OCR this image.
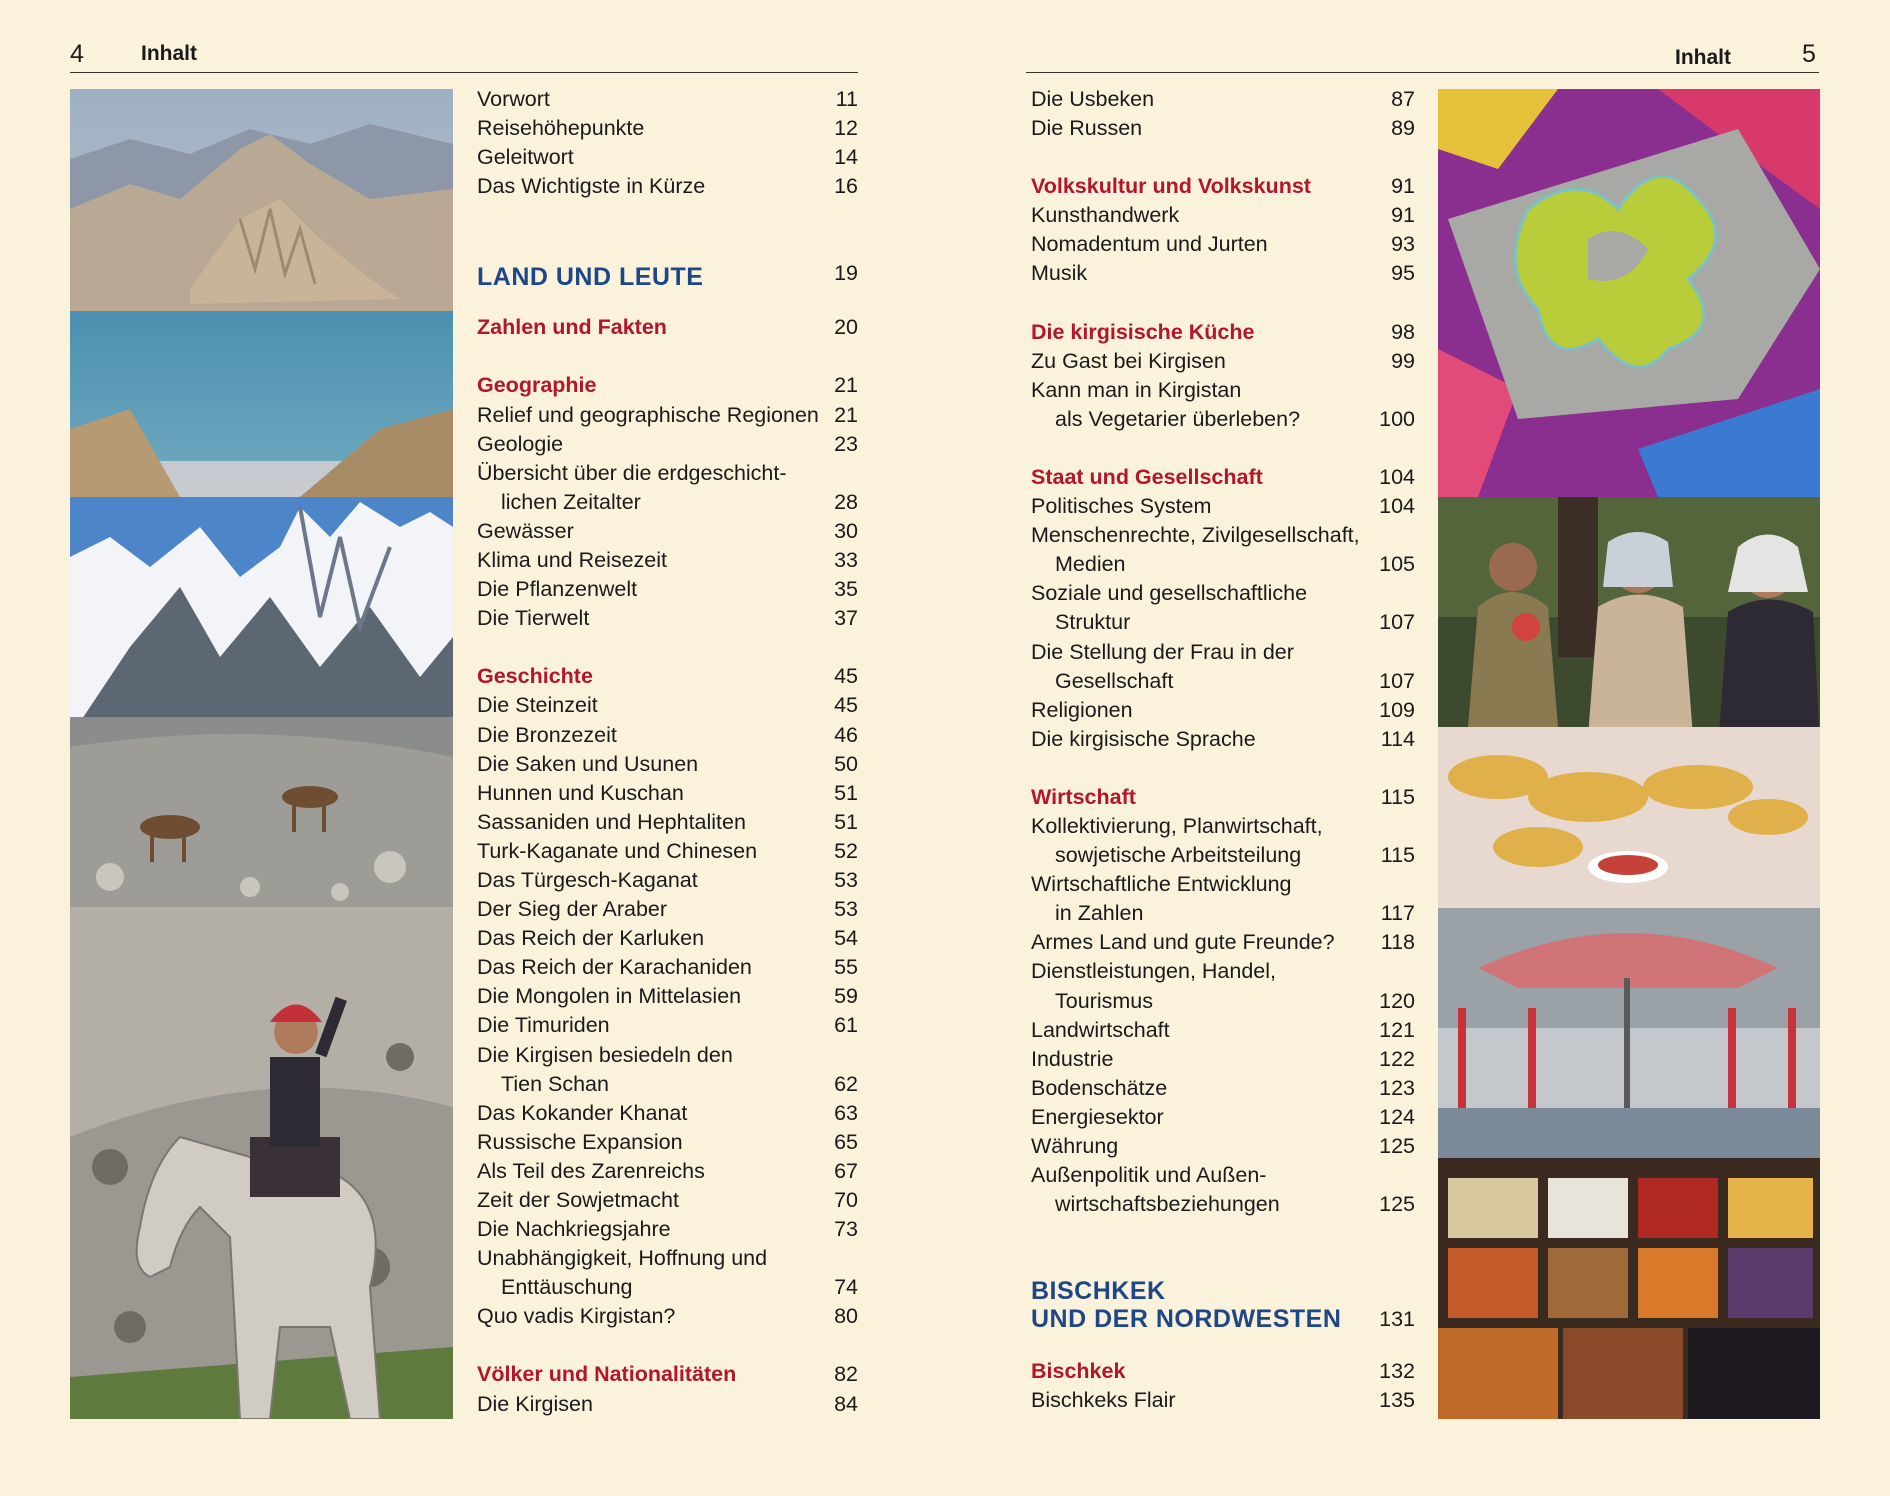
4	Inhalt
Vorwort	11
Reisehöhepunkte	12
Geleitwort	14
Das Wichtigste in Kürze	16
LAND UND LEUTE	19
Zahlen und Fakten	20
Geographie	21
Relief und geographische Regionen 21
Geologie	23
Übersicht über die erdgeschicht-
lichen Zeitalter	28
Gewässer	30
Klima und Reisezeit	33
Die Pflanzenwelt	35
Die Tierwelt	37
Geschichte	45
Die Steinzeit	45
Die Bronzezeit	46
Die Saken und Usunen	50
Hunnen und Kuschan	51
Sassaniden und Hephtaliten	51
Turk-Kaganate und Chinesen	52
Das Türgesch-Kaganat	53
Der Sieg der Araber	53
Das Reich der Karluken	54
Das Reich der Karachaniden	55
Die Mongolen in Mittelasien	59
Die Timuriden	61
Die Kirgisen besiedeln den
Tien Schan	62
Das Kokander Khanat	63
Russische Expansion	65
Als Teil des Zarenreichs	67
Zeit der Sowjetmacht	70
Die Nachkriegsjahre	73
Unabhängigkeit, Hoffnung und
Enttäuschung	74
Quo vadis Kirgistan?	80
Völker und Nationalitäten	82
Die Kirgisen	84
Inhalt	5
Die Usbeken	87
Die Russen	89
Volkskultur und Volkskunst	91
Kunsthandwerk	91
Nomadentum und Jurten	93
Musik	95
Die kirgisische Küche	98
Zu Gast bei Kirgisen	99
Kann man in Kirgistan
als Vegetarier überleben?	100
Staat und Gesellschaft	104
Politisches System	104
Menschenrechte, Zivilgesellschaft,
Medien	105
Soziale und gesellschaftliche
Struktur	107
Die Stellung der Frau in der
Gesellschaft	107
Religionen	109
Die kirgisische Sprache	114
Wirtschaft	115
Kollektivierung, Planwirtschaft,
sowjetische Arbeitsteilung	115
Wirtschaftliche Entwicklung
in Zahlen	117
Armes Land und gute Freunde? 118
Dienstleistungen, Handel,
Tourismus	120
Landwirtschaft	121
Industrie	122
Bodenschätze	123
Energiesektor	124
Währung	125
Außenpolitik und Außen-
wirtschaftsbeziehungen	125
BISCHKEK
UND DER NORDWESTEN	131
Bischkek	132
Bischkeks Flair	135
